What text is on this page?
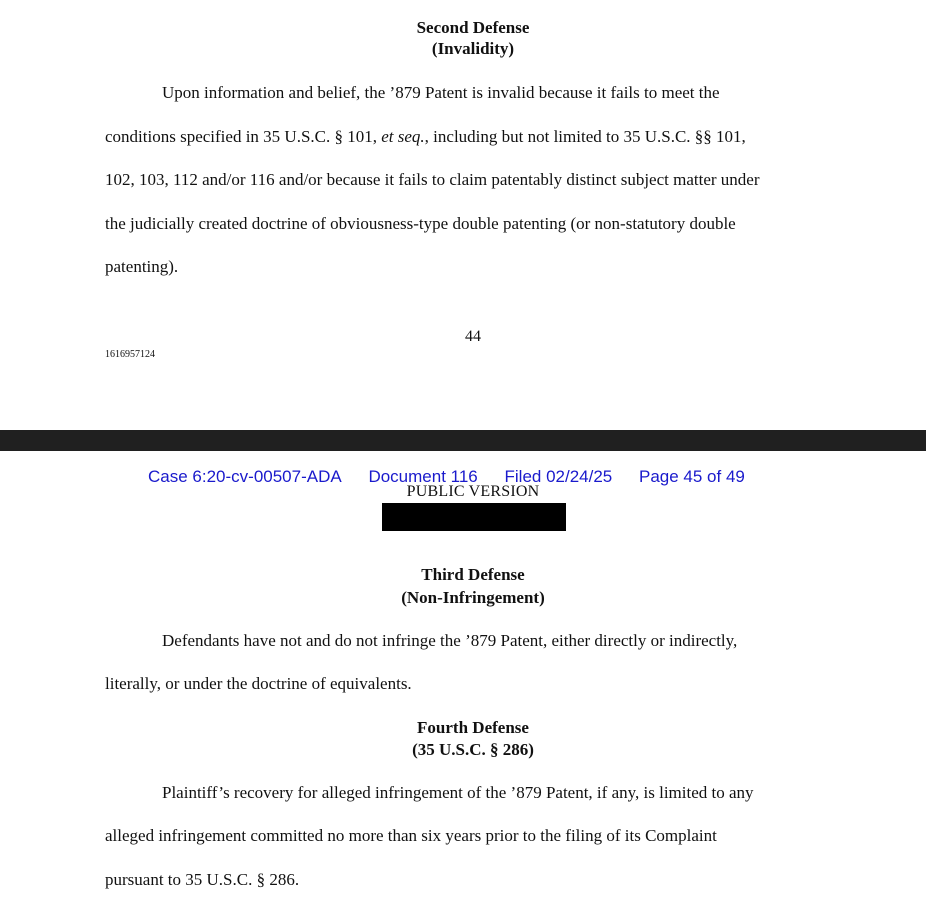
Second Defense

(Invalidity)

Upon information and belief, the ’879 Patent is invalid because it fails to meet the

conditions specified in 35 U.S.C. § 101, et seq., including but not limited to 35 U.S.C. §§ 101,

102, 103, 112 and/or 116 and/or because it fails to claim patentably distinct subject matter under

the judicially created doctrine of obviousness-type double patenting (or non-statutory double

patenting).

44
1616957124
Case 6:20-cv-00507-ADA Document 116 Filed 02/24/25 Page 45 of 49
PUBLIC VERSION

Third Defense

(Non-Infringement)

Defendants have not and do not infringe the ’879 Patent, either directly or indirectly,

literally, or under the doctrine of equivalents.

Fourth Defense

(35 U.S.C. § 286)

Plaintiff’s recovery for alleged infringement of the ’879 Patent, if any, is limited to any

alleged infringement committed no more than six years prior to the filing of its Complaint

pursuant to 35 U.S.C. § 286.
